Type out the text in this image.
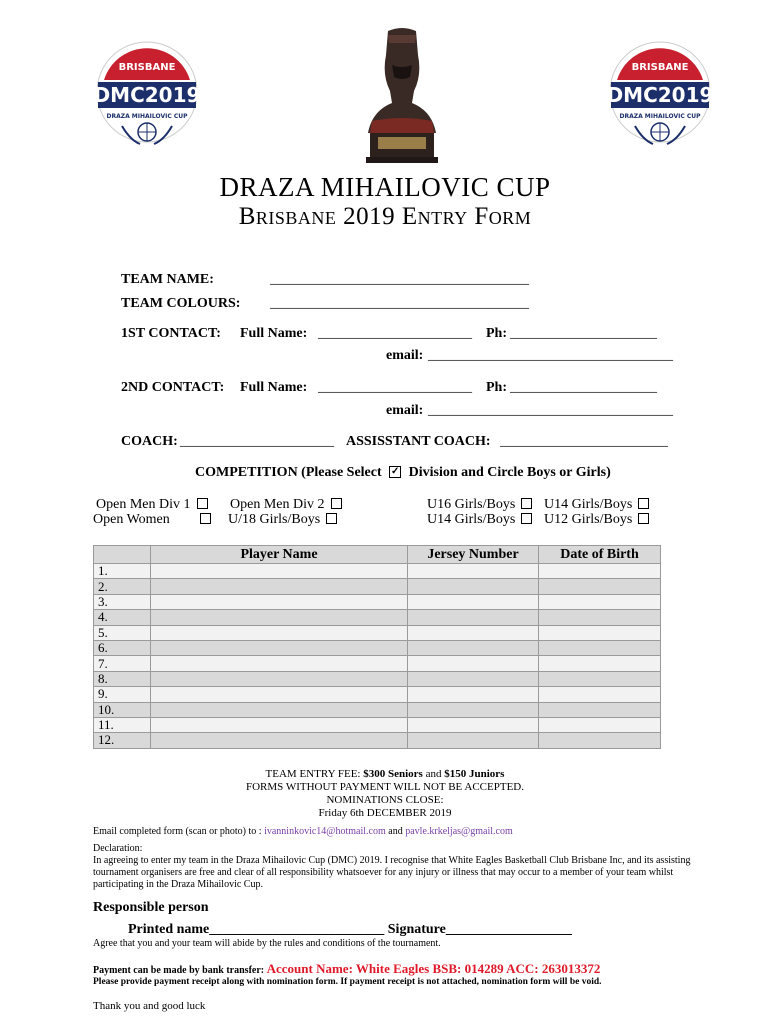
BRISBANE
DMC2019
DRAZA MIHAILOVIC CUP
BRISBANE
DMC2019
DRAZA MIHAILOVIC CUP
DRAZA MIHAILOVIC CUP
Brisbane 2019 Entry Form
TEAM NAME:	_____________________________________
TEAM COLOURS: _____________________________________
1ST CONTACT: Full Name: ______________________ Ph: _____________________
email: ___________________________________
2ND CONTACT: Full Name: ______________________ Ph: _____________________
email: ___________________________________
COACH: ______________________ ASSISSTANT COACH: ________________________
COMPETITION (Please Select ✓ Division and Circle Boys or Girls)
Open Men Div 1	Open Men Div 2	U16 Girls/Boys	U14 Girls/Boys
Open Women	U/18 Girls/Boys	U14 Girls/Boys	U12 Girls/Boys
	Player Name	Jersey Number	Date of Birth
1.			
2.			
3.			
4.			
5.			
6.			
7.			
8.			
9.			
10.			
11.			
12.			
TEAM ENTRY FEE: $300 Seniors and $150 Juniors
FORMS WITHOUT PAYMENT WILL NOT BE ACCEPTED.
NOMINATIONS CLOSE:
Friday 6th DECEMBER 2019
Email completed form (scan or photo) to : ivanninkovic14@hotmail.com and pavle.krkeljas@gmail.com
Declaration:
In agreeing to enter my team in the Draza Mihailovic Cup (DMC) 2019. I recognise that White Eagles Basketball Club Brisbane Inc, and its assisting tournament organisers are free and clear of all responsibility whatsoever for any injury or illness that may occur to a member of your team whilst participating in the Draza Mihailovic Cup.
Responsible person
Printed name_________________________ Signature__________________
Agree that you and your team will abide by the rules and conditions of the tournament.
Payment can be made by bank transfer: Account Name: White Eagles BSB: 014289 ACC: 263013372
Please provide payment receipt along with nomination form. If payment receipt is not attached, nomination form will be void.
Thank you and good luck
